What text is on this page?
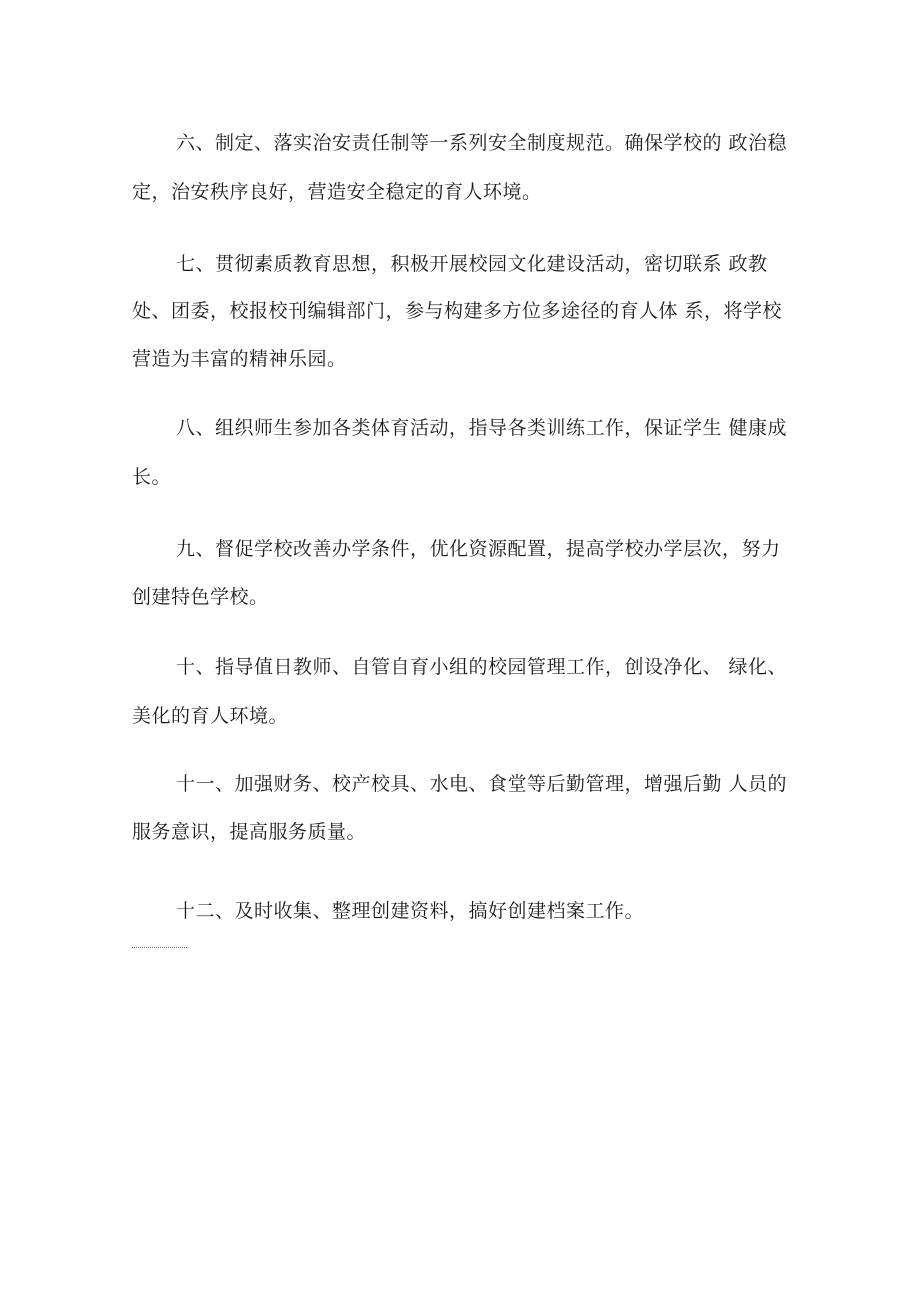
六、制定、落实治安责任制等一系列安全制度规范。确保学校的 政治稳
定，治安秩序良好，营造安全稳定的育人环境。
七、贯彻素质教育思想，积极开展校园文化建设活动，密切联系 政教
处、团委，校报校刊编辑部门，参与构建多方位多途径的育人体 系，将学校
营造为丰富的精神乐园。
八、组织师生参加各类体育活动，指导各类训练工作，保证学生 健康成
长。
九、督促学校改善办学条件，优化资源配置，提高学校办学层次，努力
创建特色学校。
十、指导值日教师、自管自育小组的校园管理工作，创设净化、 绿化、
美化的育人环境。
十一、加强财务、校产校具、水电、食堂等后勤管理，增强后勤 人员的
服务意识，提高服务质量。
十二、及时收集、整理创建资料，搞好创建档案工作。
